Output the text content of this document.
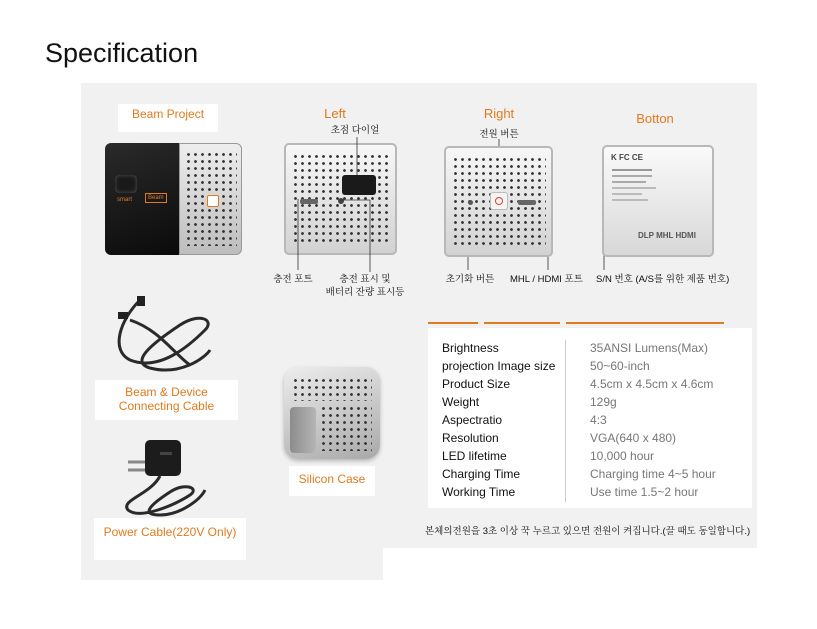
Specification
Beam Project
smart	Beam
Left	Right	Botton
초점 다이얼
충전 포트	충전 표시 및
배터리 잔량 표시등
전원 버튼
초기화 버튼 MHL / HDMI 포트
K FC CE
DLP MHL HDMI
S/N 번호 (A/S를 위한 제품 번호)
Beam & Device
Connecting Cable
Power Cable(220V Only)
Silicon Case
Brightness	35ANSI Lumens(Max)
projection Image size	50~60-inch
Product Size	4.5cm x 4.5cm x 4.6cm
Weight	129g
Aspectratio	4:3
Resolution	VGA(640 x 480)
LED lifetime	10,000 hour
Charging Time	Charging time 4~5 hour
Working Time	Use time 1.5~2 hour
본체의전원을 3초 이상 꾹 누르고 있으면 전원이 켜집니다.(끌 때도 동일합니다.)
